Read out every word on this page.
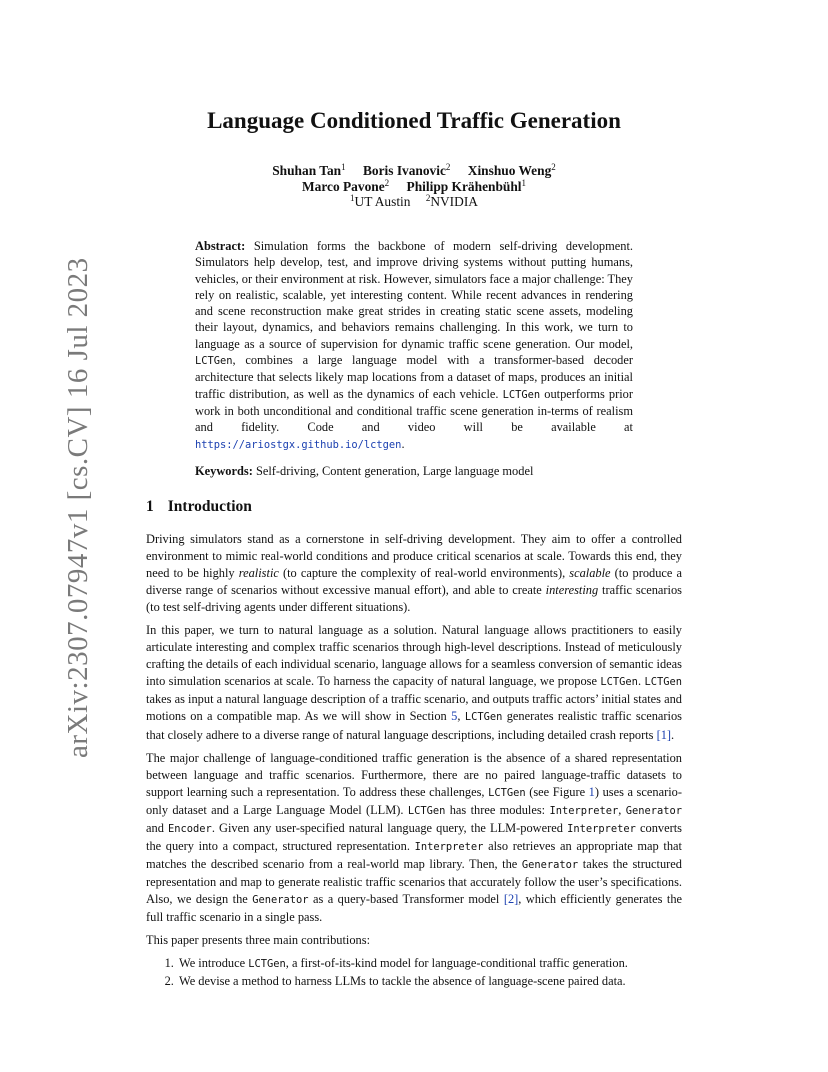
arXiv:2307.07947v1 [cs.CV] 16 Jul 2023
Language Conditioned Traffic Generation
Shuhan Tan$^1$ Boris Ivanovic$^2$ Xinshuo Weng$^2$
Marco Pavone$^2$ Philipp Krähenbühl$^1$
$^1$UT Austin $^2$NVIDIA

Abstract: Simulation forms the backbone of modern self-driving development. Simulators help develop, test, and improve driving systems without putting humans, vehicles, or their environment at risk. However, simulators face a major challenge: They rely on realistic, scalable, yet interesting content. While recent advances in rendering and scene reconstruction make great strides in creating static scene assets, modeling their layout, dynamics, and behaviors remains challenging. In this work, we turn to language as a source of supervision for dynamic traffic scene generation. Our model, LCTGen, combines a large language model with a transformer-based decoder architecture that selects likely map locations from a dataset of maps, produces an initial traffic distribution, as well as the dynamics of each vehicle. LCTGen outperforms prior work in both unconditional and conditional traffic scene generation in-terms of realism and fidelity. Code and video will be available at https://ariostgx.github.io/lctgen.

Keywords: Self-driving, Content generation, Large language model

1 Introduction

Driving simulators stand as a cornerstone in self-driving development. They aim to offer a controlled environment to mimic real-world conditions and produce critical scenarios at scale. Towards this end, they need to be highly realistic (to capture the complexity of real-world environments), scalable (to produce a diverse range of scenarios without excessive manual effort), and able to create interesting traffic scenarios (to test self-driving agents under different situations).

In this paper, we turn to natural language as a solution. Natural language allows practitioners to easily articulate interesting and complex traffic scenarios through high-level descriptions. Instead of meticulously crafting the details of each individual scenario, language allows for a seamless conversion of semantic ideas into simulation scenarios at scale. To harness the capacity of natural language, we propose LCTGen. LCTGen takes as input a natural language description of a traffic scenario, and outputs traffic actors’ initial states and motions on a compatible map. As we will show in Section 5, LCTGen generates realistic traffic scenarios that closely adhere to a diverse range of natural language descriptions, including detailed crash reports [1].

The major challenge of language-conditioned traffic generation is the absence of a shared representation between language and traffic scenarios. Furthermore, there are no paired language-traffic datasets to support learning such a representation. To address these challenges, LCTGen (see Figure 1) uses a scenario-only dataset and a Large Language Model (LLM). LCTGen has three modules: Interpreter, Generator and Encoder. Given any user-specified natural language query, the LLM-powered Interpreter converts the query into a compact, structured representation. Interpreter also retrieves an appropriate map that matches the described scenario from a real-world map library. Then, the Generator takes the structured representation and map to generate realistic traffic scenarios that accurately follow the user’s specifications. Also, we design the Generator as a query-based Transformer model [2], which efficiently generates the full traffic scenario in a single pass.

This paper presents three main contributions:

1. We introduce LCTGen, a first-of-its-kind model for language-conditional traffic generation.
2. We devise a method to harness LLMs to tackle the absence of language-scene paired data.
